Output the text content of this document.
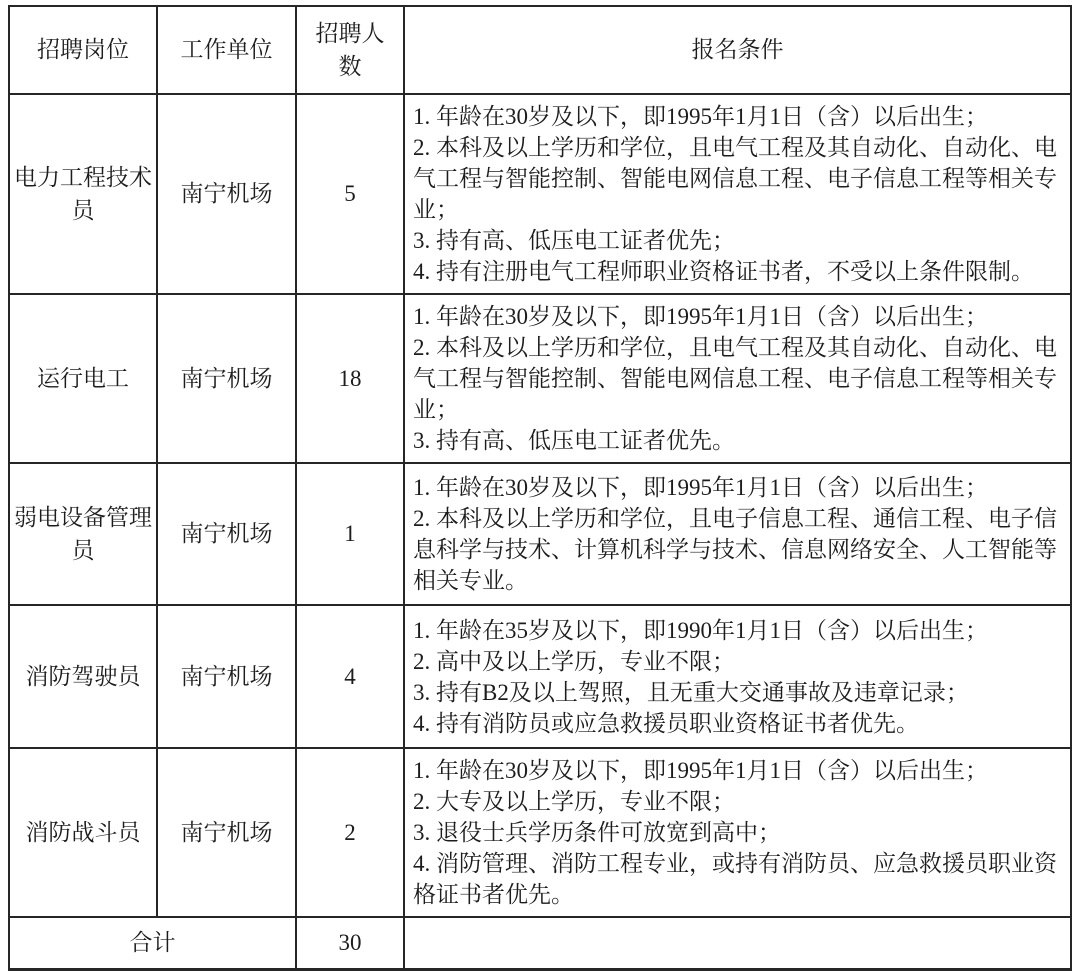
招聘岗位	工作单位	招聘人数	报名条件
电力工程技术员	南宁机场	5	1. 年龄在30岁及以下，即1995年1月1日（含）以后出生；
2. 本科及以上学历和学位，且电气工程及其自动化、自动化、电气工程与智能控制、智能电网信息工程、电子信息工程等相关专业；
3. 持有高、低压电工证者优先；
4. 持有注册电气工程师职业资格证书者，不受以上条件限制。

运行电工	南宁机场	18	1. 年龄在30岁及以下，即1995年1月1日（含）以后出生；
2. 本科及以上学历和学位，且电气工程及其自动化、自动化、电气工程与智能控制、智能电网信息工程、电子信息工程等相关专业；
3. 持有高、低压电工证者优先。

弱电设备管理员	南宁机场	1	1. 年龄在30岁及以下，即1995年1月1日（含）以后出生；
2. 本科及以上学历和学位，且电子信息工程、通信工程、电子信息科学与技术、计算机科学与技术、信息网络安全、人工智能等相关专业。

消防驾驶员	南宁机场	4	1. 年龄在35岁及以下，即1990年1月1日（含）以后出生；
2. 高中及以上学历，专业不限；
3. 持有B2及以上驾照，且无重大交通事故及违章记录；
4. 持有消防员或应急救援员职业资格证书者优先。

消防战斗员	南宁机场	2	1. 年龄在30岁及以下，即1995年1月1日（含）以后出生；
2. 大专及以上学历，专业不限；
3. 退役士兵学历条件可放宽到高中；
4. 消防管理、消防工程专业，或持有消防员、应急救援员职业资格证书者优先。

合计		30	
